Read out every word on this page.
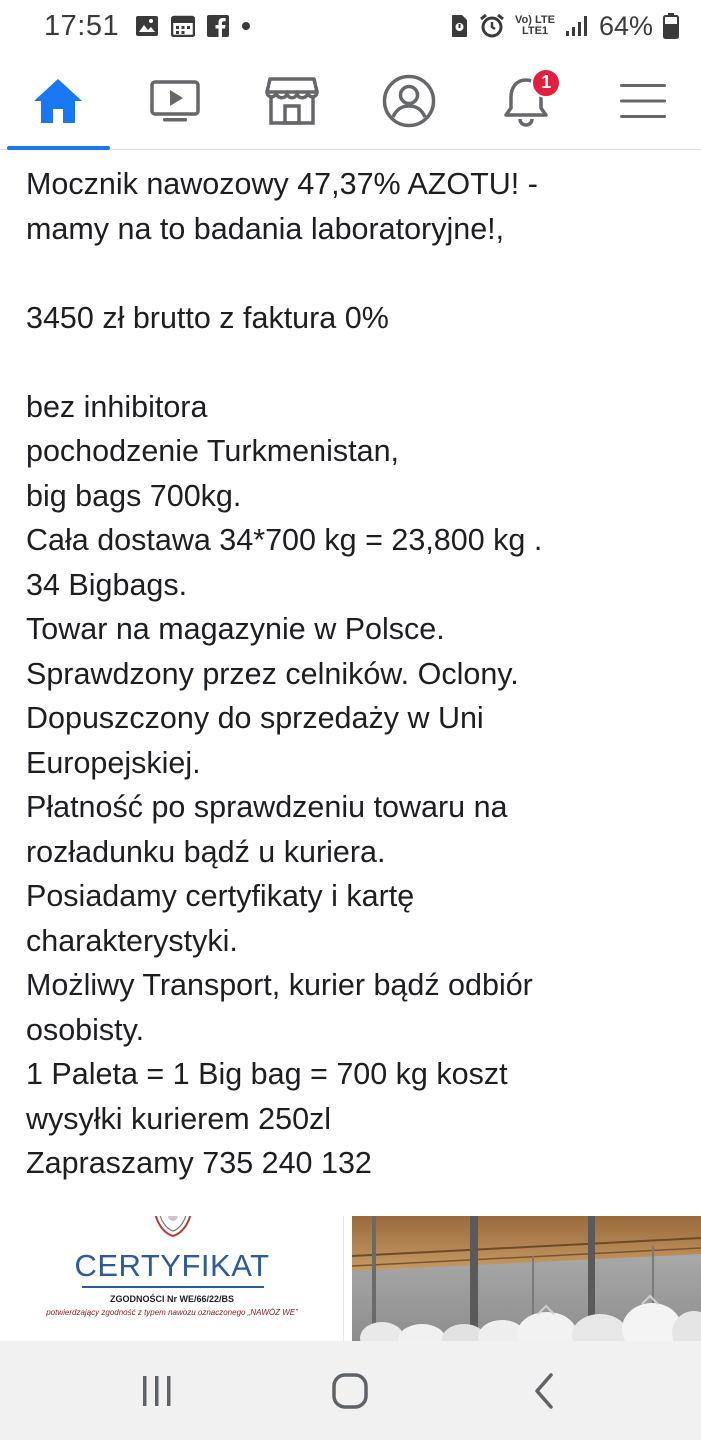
17:51	Vo) LTE
LTE1 64%
1
Mocznik nawozowy 47,37% AZOTU! -
mamy na to badania laboratoryjne!,
3450 zł brutto z faktura 0%
bez inhibitora
pochodzenie Turkmenistan,
big bags 700kg.
Cała dostawa 34*700 kg = 23,800 kg .
34 Bigbags.
Towar na magazynie w Polsce.
Sprawdzony przez celników. Oclony.
Dopuszczony do sprzedaży w Uni
Europejskiej.
Płatność po sprawdzeniu towaru na
rozładunku bądź u kuriera.
Posiadamy certyfikaty i kartę
charakterystyki.
Możliwy Transport, kurier bądź odbiór
osobisty.
1 Paleta = 1 Big bag = 700 kg koszt
wysyłki kurierem 250zl
Zapraszamy 735 240 132
CERTYFIKAT
ZGODNOŚCI Nr WE/66/22/BS
potwierdzający zgodność z typem nawozu oznaczonego „NAWÓZ WE”
